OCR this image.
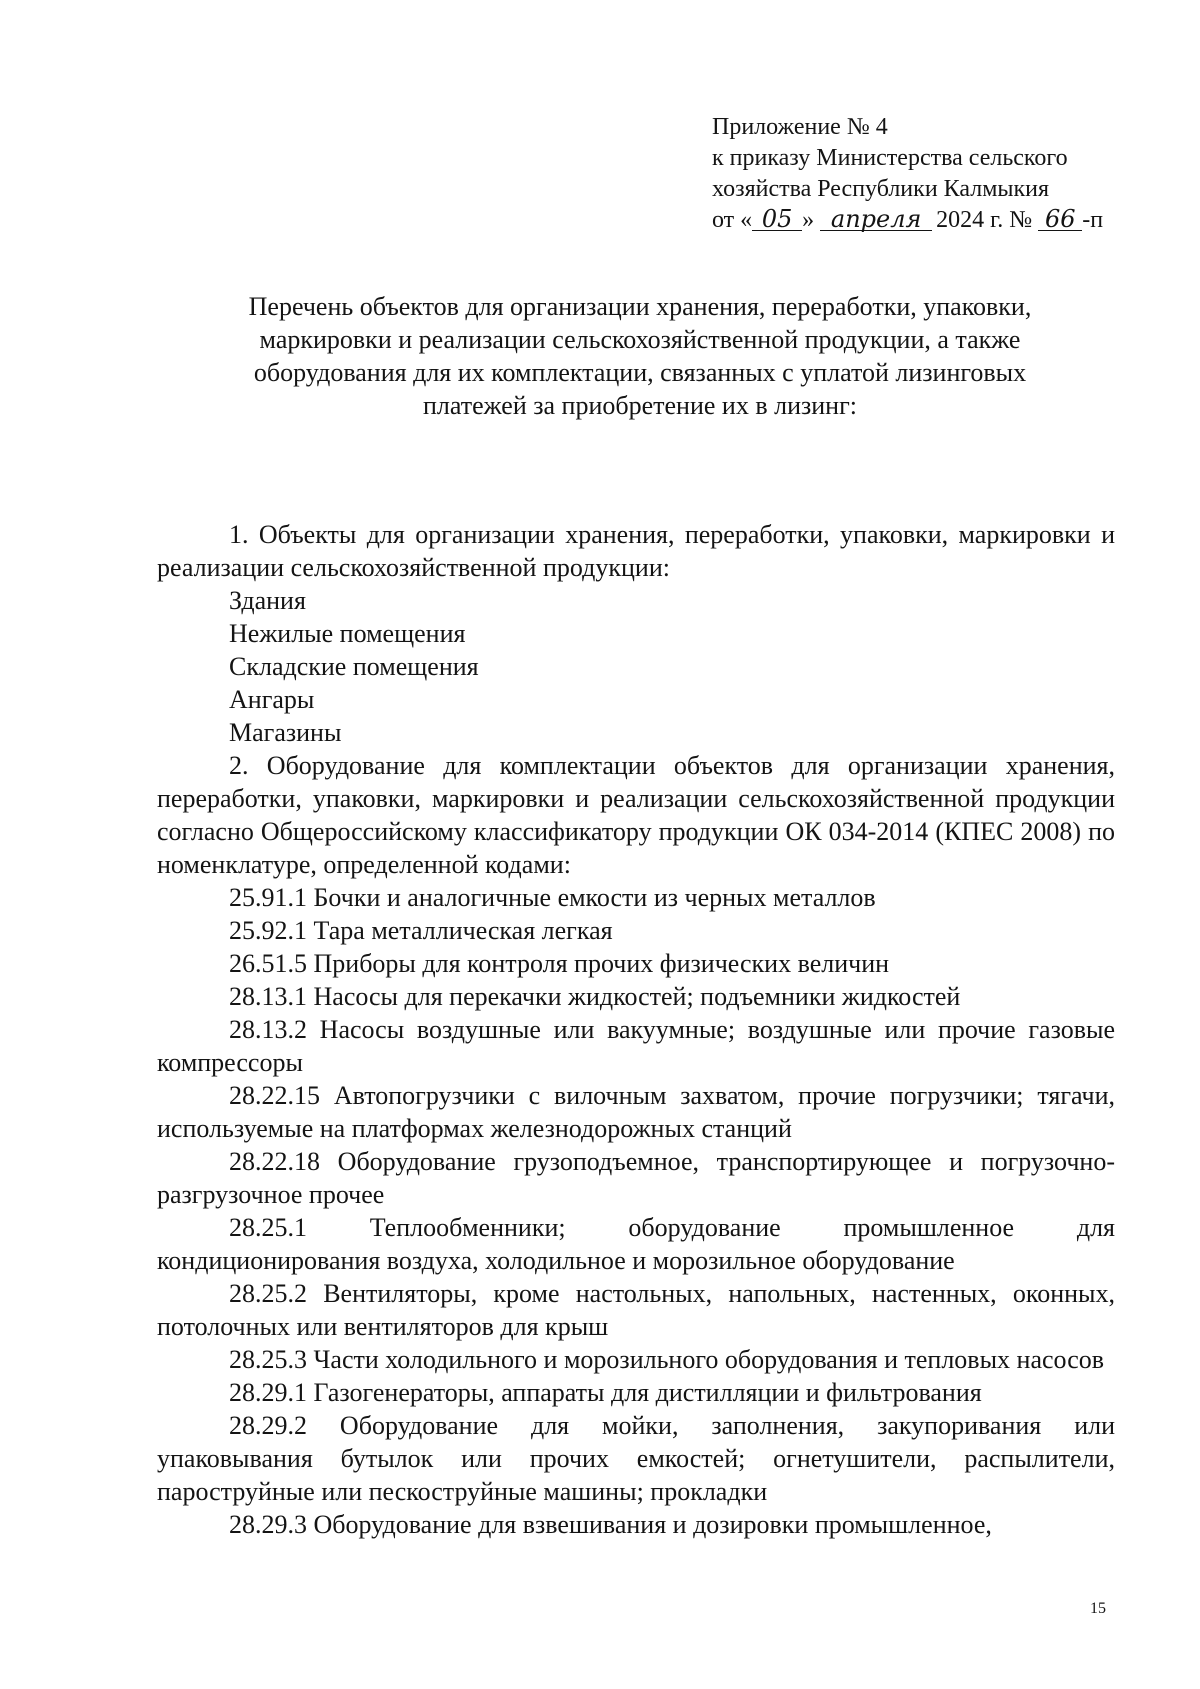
Приложение № 4
к приказу Министерства сельского
хозяйства Республики Калмыкия
от « 05 » апреля 2024 г. № 66 -п
Перечень объектов для организации хранения, переработки, упаковки,
маркировки и реализации сельскохозяйственной продукции, а также
оборудования для их комплектации, связанных с уплатой лизинговых
платежей за приобретение их в лизинг:

1. Объекты для организации хранения, переработки, упаковки, маркировки и реализации сельскохозяйственной продукции:

Здания

Нежилые помещения

Складские помещения

Ангары

Магазины

2. Оборудование для комплектации объектов для организации хранения, переработки, упаковки, маркировки и реализации сельскохозяйственной продукции согласно Общероссийскому классификатору продукции ОК 034-2014 (КПЕС 2008) по номенклатуре, определенной кодами:

25.91.1 Бочки и аналогичные емкости из черных металлов

25.92.1 Тара металлическая легкая

26.51.5 Приборы для контроля прочих физических величин

28.13.1 Насосы для перекачки жидкостей; подъемники жидкостей

28.13.2 Насосы воздушные или вакуумные; воздушные или прочие газовые компрессоры

28.22.15 Автопогрузчики с вилочным захватом, прочие погрузчики; тягачи, используемые на платформах железнодорожных станций

28.22.18 Оборудование грузоподъемное, транспортирующее и погрузочно-разгрузочное прочее

28.25.1 Теплообменники; оборудование промышленное для кондиционирования воздуха, холодильное и морозильное оборудование

28.25.2 Вентиляторы, кроме настольных, напольных, настенных, оконных, потолочных или вентиляторов для крыш

28.25.3 Части холодильного и морозильного оборудования и тепловых насосов

28.29.1 Газогенераторы, аппараты для дистилляции и фильтрования

28.29.2 Оборудование для мойки, заполнения, закупоривания или упаковывания бутылок или прочих емкостей; огнетушители, распылители, пароструйные или пескоструйные машины; прокладки

28.29.3 Оборудование для взвешивания и дозировки промышленное,

15
